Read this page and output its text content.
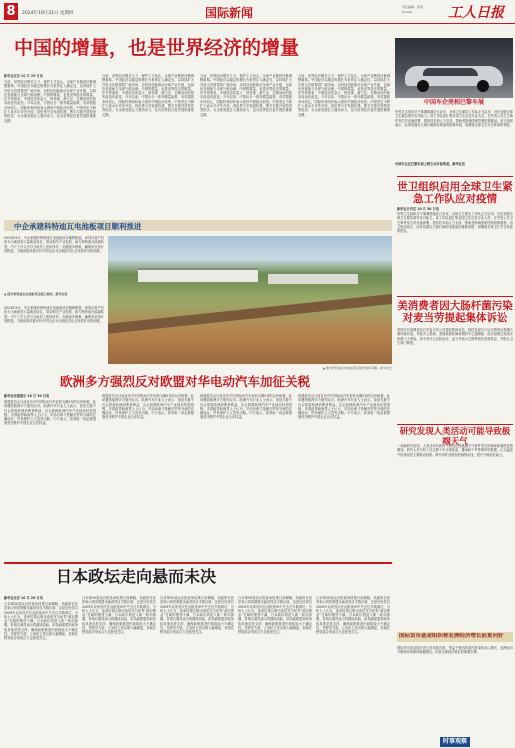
8	2024年10月31日 星期四	国际新闻	责任编辑：某某
E-mail:	工人日报
中国的增量，也是世界经济的增量
新华社北京 10 月 29 日电
当前，世界经济增长乏力、保护主义抬头，全球产业链供应链调整重构。中国经济以稳定的增长为世界注入确定性，以持续扩大开放为各国提供广阔市场，以科技创新推动全球产业升级，以绿色发展助力全球气候治理。中国的增量，也是世界经济的增量。在外界看来，中国经济体量大、韧性强、潜力足，长期向好的基本面没有改变。今年以来，中国出台一系列增量政策，有效提振市场信心，国际机构纷纷表示看好中国经济前景。中国坚定不移扩大高水平对外开放，同世界分享发展机遇，携手共建开放型世界经济，为全球发展注入强劲动力，也为世界经济复苏提供重要支撑。
当前，世界经济增长乏力、保护主义抬头，全球产业链供应链调整重构。中国经济以稳定的增长为世界注入确定性，以持续扩大开放为各国提供广阔市场，以科技创新推动全球产业升级，以绿色发展助力全球气候治理。中国的增量，也是世界经济的增量。在外界看来，中国经济体量大、韧性强、潜力足，长期向好的基本面没有改变。今年以来，中国出台一系列增量政策，有效提振市场信心，国际机构纷纷表示看好中国经济前景。中国坚定不移扩大高水平对外开放，同世界分享发展机遇，携手共建开放型世界经济，为全球发展注入强劲动力，也为世界经济复苏提供重要支撑。
当前，世界经济增长乏力、保护主义抬头，全球产业链供应链调整重构。中国经济以稳定的增长为世界注入确定性，以持续扩大开放为各国提供广阔市场，以科技创新推动全球产业升级，以绿色发展助力全球气候治理。中国的增量，也是世界经济的增量。在外界看来，中国经济体量大、韧性强、潜力足，长期向好的基本面没有改变。今年以来，中国出台一系列增量政策，有效提振市场信心，国际机构纷纷表示看好中国经济前景。中国坚定不移扩大高水平对外开放，同世界分享发展机遇，携手共建开放型世界经济，为全球发展注入强劲动力，也为世界经济复苏提供重要支撑。
当前，世界经济增长乏力、保护主义抬头，全球产业链供应链调整重构。中国经济以稳定的增长为世界注入确定性，以持续扩大开放为各国提供广阔市场，以科技创新推动全球产业升级，以绿色发展助力全球气候治理。中国的增量，也是世界经济的增量。在外界看来，中国经济体量大、韧性强、潜力足，长期向好的基本面没有改变。今年以来，中国出台一系列增量政策，有效提振市场信心，国际机构纷纷表示看好中国经济前景。中国坚定不移扩大高水平对外开放，同世界分享发展机遇，携手共建开放型世界经济，为全球发展注入强劲动力，也为世界经济复苏提供重要支撑。
中国车企亮相巴黎车展
世界卫生组织总干事谭德塞近日宣布，全球卫生紧急工作队正式启用，旨在加强全球卫生紧急事件应对能力。该工作队将汇集各国卫生应急专业人员，在突发公共卫生事件发生时迅速部署，提供技术和人力支持，帮助受影响国家控制疫情蔓延。世卫组织表示，此举是落实大流行病防范准备的重要举措，将增强全球卫生安全体系的韧性。
中国车企在巴黎车展上吸引众多参观者。新华社发
世卫组织启用全球卫生紧急工作队应对疫情
新华社日内瓦 10 月 30 日电
世界卫生组织总干事谭德塞近日宣布，全球卫生紧急工作队正式启用，旨在加强全球卫生紧急事件应对能力。该工作队将汇集各国卫生应急专业人员，在突发公共卫生事件发生时迅速部署，提供技术和人力支持，帮助受影响国家控制疫情蔓延。世卫组织表示，此举是落实大流行病防范准备的重要举措，将增强全球卫生安全体系的韧性。
美消费者因大肠杆菌污染对麦当劳提起集体诉讼
美国多名消费者近日对麦当劳公司提起集体诉讼，指控其部分门店出售的汉堡遭大肠杆菌污染，导致多人患病。美国疾病控制和预防中心通报称，此次疫情已造成多州数十人感染，其中部分人住院治疗。麦当劳表示已暂停相关食材供应，并配合卫生部门调查。
研究发现人类活动可能导致极端天气
一项新研究发现，人类活动导致的气候变化使极端天气事件发生的频率和强度显著增加。研究人员分析了过去数十年全球热浪、暴雨和干旱等事件的数据，认为温室气体排放是主要推动因素。研究呼吁各国加快减排步伐，提升气候适应能力。
国际货币基金组织称亚洲经济增长前景向好
国际货币基金组织近日发布报告称，受益于强劲的国内需求和出口增长，亚洲经济今明两年将保持稳健增长，仍是全球经济增长的重要引擎。
中企承建科特迪瓦电池板项目顺利推进
2024年9月，中企承建的科特迪瓦电池板项目顺利推进。该项目投产后将为当地创造大量就业岗位，带动相关产业发展，助力科特迪瓦能源转型。中方工作人员与当地员工密切协作，克服诸多困难，确保项目按计划推进。当地政府高度评价中国企业为当地经济社会发展作出的贡献。
▲ 图为科特迪瓦电池板项目施工现场。新华社发
▲ 图为科特迪瓦电池板项目建设现场鸟瞰。新华社发
2024年9月，中企承建的科特迪瓦电池板项目顺利推进。该项目投产后将为当地创造大量就业岗位，带动相关产业发展，助力科特迪瓦能源转型。中方工作人员与当地员工密切协作，克服诸多困难，确保项目按计划推进。当地政府高度评价中国企业为当地经济社会发展作出的贡献。
欧洲多方强烈反对欧盟对华电动汽车加征关税
新华社布鲁塞尔 10 月 30 日电
欧盟委员会日前宣布对中国电动汽车征收为期5年的反补贴税，此举遭到欧洲多方强烈反对。欧洲汽车行业人士表示，加征关税不仅会损害欧洲消费者利益，还会阻碍欧洲汽车产业绿色转型进程。多国政界和商界人士认为，对话协商才是解决贸易分歧的正确途径，贸易保护主义没有出路。中方表示，将采取一切必要措施坚决维护中国企业合法权益。
欧盟委员会日前宣布对中国电动汽车征收为期5年的反补贴税，此举遭到欧洲多方强烈反对。欧洲汽车行业人士表示，加征关税不仅会损害欧洲消费者利益，还会阻碍欧洲汽车产业绿色转型进程。多国政界和商界人士认为，对话协商才是解决贸易分歧的正确途径，贸易保护主义没有出路。中方表示，将采取一切必要措施坚决维护中国企业合法权益。
欧盟委员会日前宣布对中国电动汽车征收为期5年的反补贴税，此举遭到欧洲多方强烈反对。欧洲汽车行业人士表示，加征关税不仅会损害欧洲消费者利益，还会阻碍欧洲汽车产业绿色转型进程。多国政界和商界人士认为，对话协商才是解决贸易分歧的正确途径，贸易保护主义没有出路。中方表示，将采取一切必要措施坚决维护中国企业合法权益。
欧盟委员会日前宣布对中国电动汽车征收为期5年的反补贴税，此举遭到欧洲多方强烈反对。欧洲汽车行业人士表示，加征关税不仅会损害欧洲消费者利益，还会阻碍欧洲汽车产业绿色转型进程。多国政界和商界人士认为，对话协商才是解决贸易分歧的正确途径，贸易保护主义没有出路。中方表示，将采取一切必要措施坚决维护中国企业合法权益。
日本政坛走向悬而未决
新华社东京 10 月 29 日电
日本第50届众议院选举结果日前揭晓，执政的自民党和公明党联盟未能获得过半数议席，这是自民党自2009年以来首次在众院选举中失去过半数席位。分析人士认为，选举结果反映出选民对自民党“政治黑金”丑闻的强烈不满，日本政坛将进入新一轮动荡期。首相石破茂表示将继续执政，但执政联盟如何争取其他党派支持、确保政策推进仍面临较大不确定性。在野党方面，立宪民主党议席大幅增加，其他在野党能否形成合力也备受关注。
日本第50届众议院选举结果日前揭晓，执政的自民党和公明党联盟未能获得过半数议席，这是自民党自2009年以来首次在众院选举中失去过半数席位。分析人士认为，选举结果反映出选民对自民党“政治黑金”丑闻的强烈不满，日本政坛将进入新一轮动荡期。首相石破茂表示将继续执政，但执政联盟如何争取其他党派支持、确保政策推进仍面临较大不确定性。在野党方面，立宪民主党议席大幅增加，其他在野党能否形成合力也备受关注。
日本第50届众议院选举结果日前揭晓，执政的自民党和公明党联盟未能获得过半数议席，这是自民党自2009年以来首次在众院选举中失去过半数席位。分析人士认为，选举结果反映出选民对自民党“政治黑金”丑闻的强烈不满，日本政坛将进入新一轮动荡期。首相石破茂表示将继续执政，但执政联盟如何争取其他党派支持、确保政策推进仍面临较大不确定性。在野党方面，立宪民主党议席大幅增加，其他在野党能否形成合力也备受关注。
日本第50届众议院选举结果日前揭晓，执政的自民党和公明党联盟未能获得过半数议席，这是自民党自2009年以来首次在众院选举中失去过半数席位。分析人士认为，选举结果反映出选民对自民党“政治黑金”丑闻的强烈不满，日本政坛将进入新一轮动荡期。首相石破茂表示将继续执政，但执政联盟如何争取其他党派支持、确保政策推进仍面临较大不确定性。在野党方面，立宪民主党议席大幅增加，其他在野党能否形成合力也备受关注。
日本第50届众议院选举结果日前揭晓，执政的自民党和公明党联盟未能获得过半数议席，这是自民党自2009年以来首次在众院选举中失去过半数席位。分析人士认为，选举结果反映出选民对自民党“政治黑金”丑闻的强烈不满，日本政坛将进入新一轮动荡期。首相石破茂表示将继续执政，但执政联盟如何争取其他党派支持、确保政策推进仍面临较大不确定性。在野党方面，立宪民主党议席大幅增加，其他在野党能否形成合力也备受关注。
时事观察
